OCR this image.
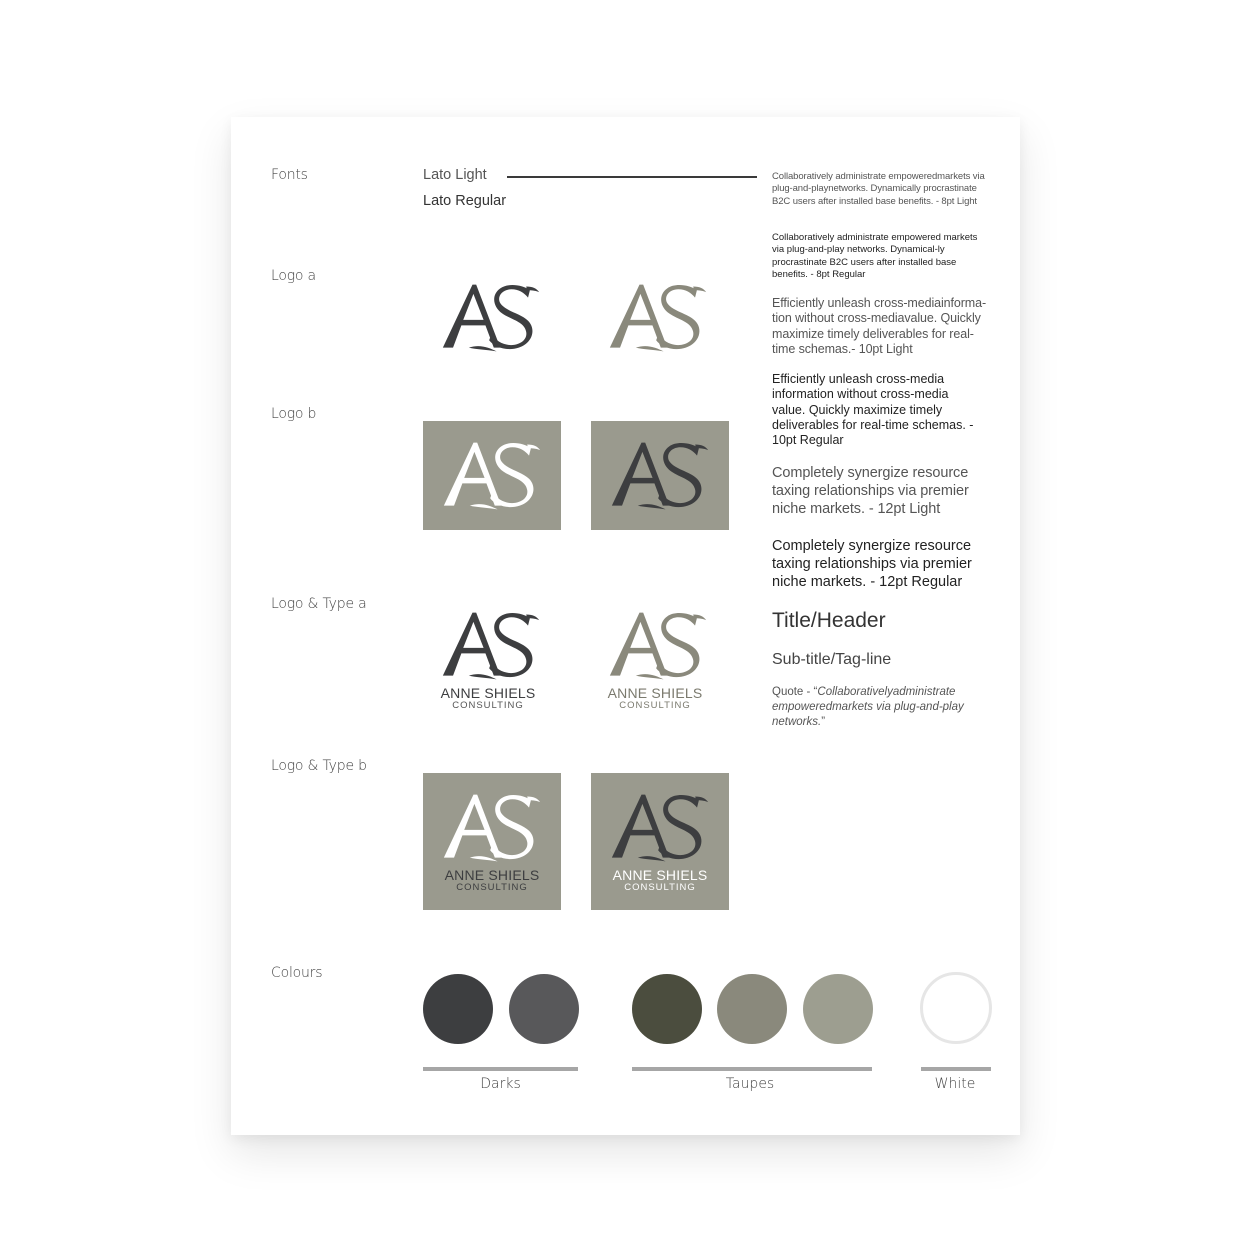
Fonts
Logo a
Logo b
Logo & Type a
Logo & Type b
Colours
Lato Light
Lato Regular
Collaboratively administrate empoweredmarkets via plug-and-playnetworks. Dynamically procrastinate B2C users after installed base benefits. - 8pt Light
Collaboratively administrate empowered markets via plug-and-play networks. Dynamical-ly procrastinate B2C users after installed base benefits. - 8pt Regular
Efficiently unleash cross-mediainforma-tion without cross-mediavalue. Quickly maximize timely deliverables for real-time schemas.- 10pt Light
Efficiently unleash cross-media information without cross-media value. Quickly maximize timely deliverables for real-time schemas. - 10pt Regular
Completely synergize resource taxing relationships via premier niche markets. - 12pt Light
Completely synergize resource taxing relationships via premier niche markets. - 12pt Regular
Title/Header
Sub-title/Tag-line
Quote - “Collaborativelyadministrate empoweredmarkets via plug-and-play networks.”
ANNE SHIELS
CONSULTING
ANNE SHIELS
CONSULTING
ANNE SHIELS
CONSULTING
ANNE SHIELS
CONSULTING
Darks	Taupes	White
